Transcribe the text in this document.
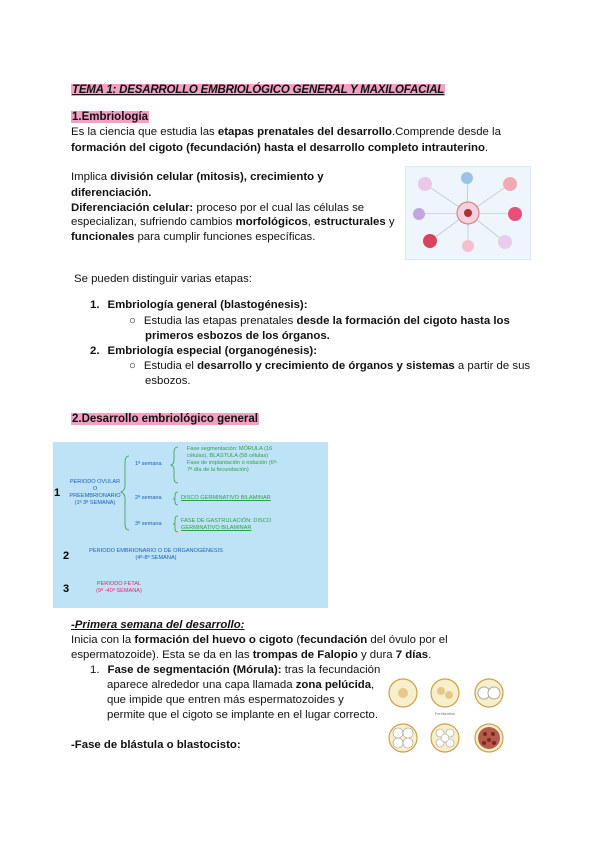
TEMA 1: DESARROLLO EMBRIOLÓGICO GENERAL Y MAXILOFACIAL
1.Embriología
Es la ciencia que estudia las etapas prenatales del desarrollo.Comprende desde la
formación del cigoto (fecundación) hasta el desarrollo completo intrauterino.
Implica división celular (mitosis), crecimiento y
diferenciación.
Diferenciación celular: proceso por el cual las células se
especializan, sufriendo cambios morfológicos, estructurales y
funcionales para cumplir funciones específicas.
Se pueden distinguir varias etapas:
1. Embriología general (blastogénesis):
○ Estudia las etapas prenatales desde la formación del cigoto hasta los
primeros esbozos de los órganos.
2. Embriología especial (organogénesis):
○ Estudia el desarrollo y crecimiento de órganos y sistemas a partir de sus
esbozos.
2.Desarrollo embriológico general
1
2
3
PERIODO OVULAR
O
PREEMBRIONARIO
(1ª 3ª SEMANA)
1ª semana
Fase segmentación: MÓRULA (16
células), BLASTULA (58 células)
Fase de implantación o nidación (6ª-
7ª día de la fecundación)
2ª semana	DISCO GERMINATIVO BILAMINAR
3ª semana	FASE DE GASTRULACIÓN: DISCO
GERMINATIVO BILAMINAR
PERIODO EMBRIONARIO O DE ORGANOGÉNESIS
(4ª-8ª SEMANA)
PERIODO FETAL
(9ª -40ª SEMANA)
-Primera semana del desarrollo:
Inicia con la formación del huevo o cigoto (fecundación del óvulo por el
espermatozoide). Esta se da en las trompas de Falopio y dura 7 días.
1. Fase de segmentación (Mórula): tras la fecundación
aparece alrededor una capa llamada zona pelúcida,
que impide que entren más espermatozoides y
permite que el cigoto se implante en el lugar correcto.	Fertilization
-Fase de blástula o blastocisto:
